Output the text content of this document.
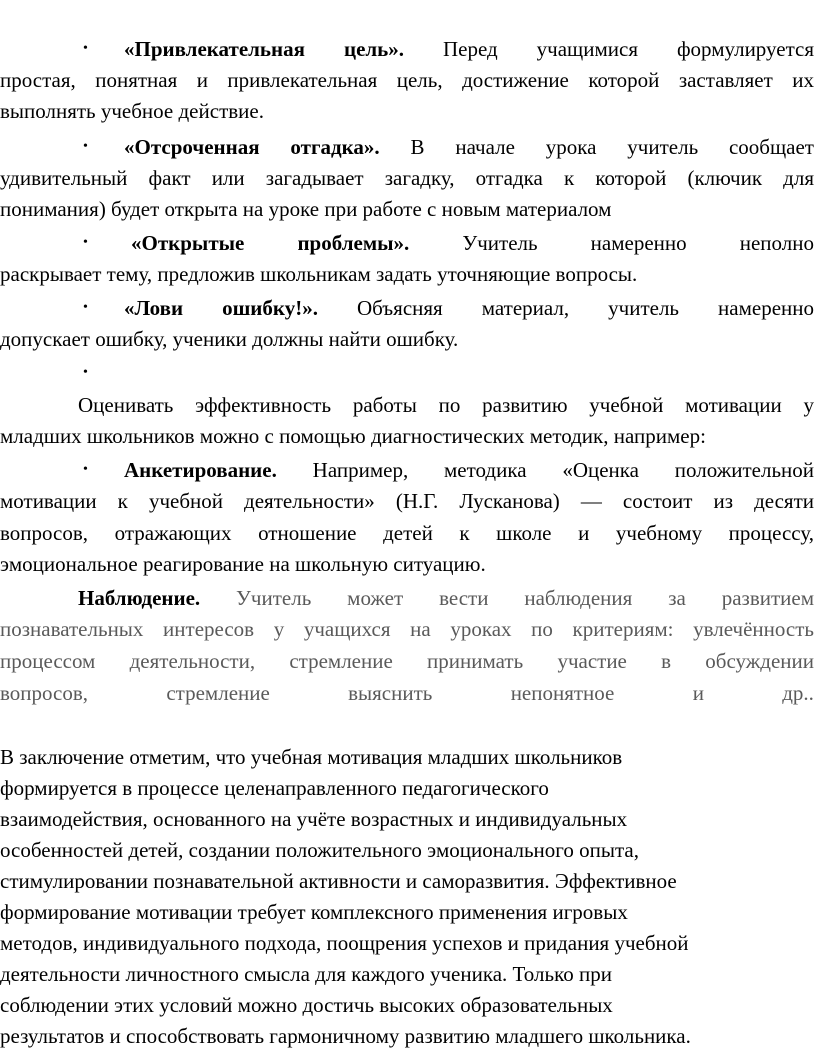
•	«Привлекательная цель». Перед учащимися формулируется
простая, понятная и привлекательная цель, достижение которой заставляет их
выполнять учебное действие.
•	«Отсроченная отгадка». В начале урока учитель сообщает
удивительный факт или загадывает загадку, отгадка к которой (ключик для
понимания) будет открыта на уроке при работе с новым материалом
•	«Открытые проблемы». Учитель намеренно неполно
раскрывает тему, предложив школьникам задать уточняющие вопросы.
•	«Лови ошибку!». Объясняя материал, учитель намеренно
допускает ошибку, ученики должны найти ошибку.
•
Оценивать эффективность работы по развитию учебной мотивации у
младших школьников можно с помощью диагностических методик, например:
•	Анкетирование. Например, методика «Оценка положительной
мотивации к учебной деятельности» (Н.Г. Лусканова) — состоит из десяти
вопросов, отражающих отношение детей к школе и учебному процессу,
эмоциональное реагирование на школьную ситуацию.
Наблюдение. Учитель может вести наблюдения за развитием
познавательных интересов у учащихся на уроках по критериям: увлечённость
процессом деятельности, стремление принимать участие в обсуждении
вопросов,	стремление	выяснить	непонятное	и	др..
В заключение отметим, что учебная мотивация младших школьников
формируется в процессе целенаправленного педагогического
взаимодействия, основанного на учёте возрастных и индивидуальных
особенностей детей, создании положительного эмоционального опыта,
стимулировании познавательной активности и саморазвития. Эффективное
формирование мотивации требует комплексного применения игровых
методов, индивидуального подхода, поощрения успехов и придания учебной
деятельности личностного смысла для каждого ученика. Только при
соблюдении этих условий можно достичь высоких образовательных
результатов и способствовать гармоничному развитию младшего школьника.
